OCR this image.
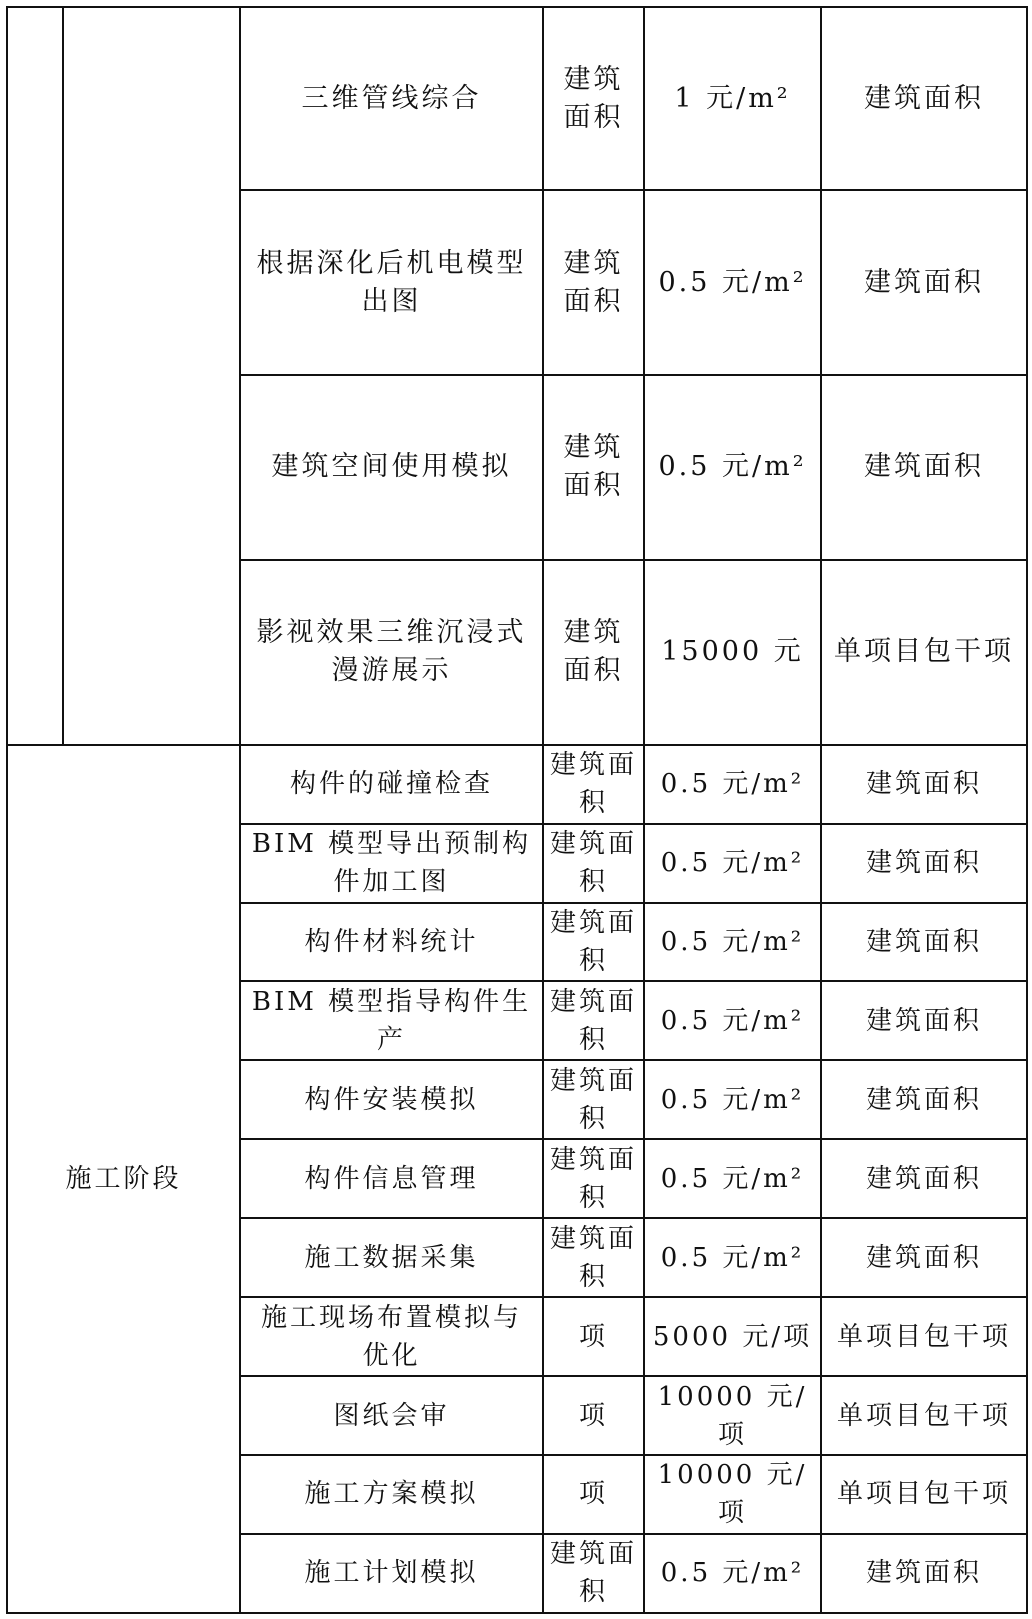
		三维管线综合	建筑面积	1 元/m²	建筑面积
		根据深化后机电模型出图	建筑面积	0.5 元/m²	建筑面积
		建筑空间使用模拟	建筑面积	0.5 元/m²	建筑面积
		影视效果三维沉浸式漫游展示	建筑面积	15000 元	单项目包干项
施工阶段		构件的碰撞检查	建筑面积	0.5 元/m²	建筑面积
		BIM 模型导出预制构件加工图	建筑面积	0.5 元/m²	建筑面积
		构件材料统计	建筑面积	0.5 元/m²	建筑面积
		BIM 模型指导构件生产	建筑面积	0.5 元/m²	建筑面积
		构件安装模拟	建筑面积	0.5 元/m²	建筑面积
		构件信息管理	建筑面积	0.5 元/m²	建筑面积
		施工数据采集	建筑面积	0.5 元/m²	建筑面积
		施工现场布置模拟与优化	项	5000 元/项	单项目包干项
		图纸会审	项	10000 元/项	单项目包干项
		施工方案模拟	项	10000 元/项	单项目包干项
		施工计划模拟	建筑面积	0.5 元/m²	建筑面积
